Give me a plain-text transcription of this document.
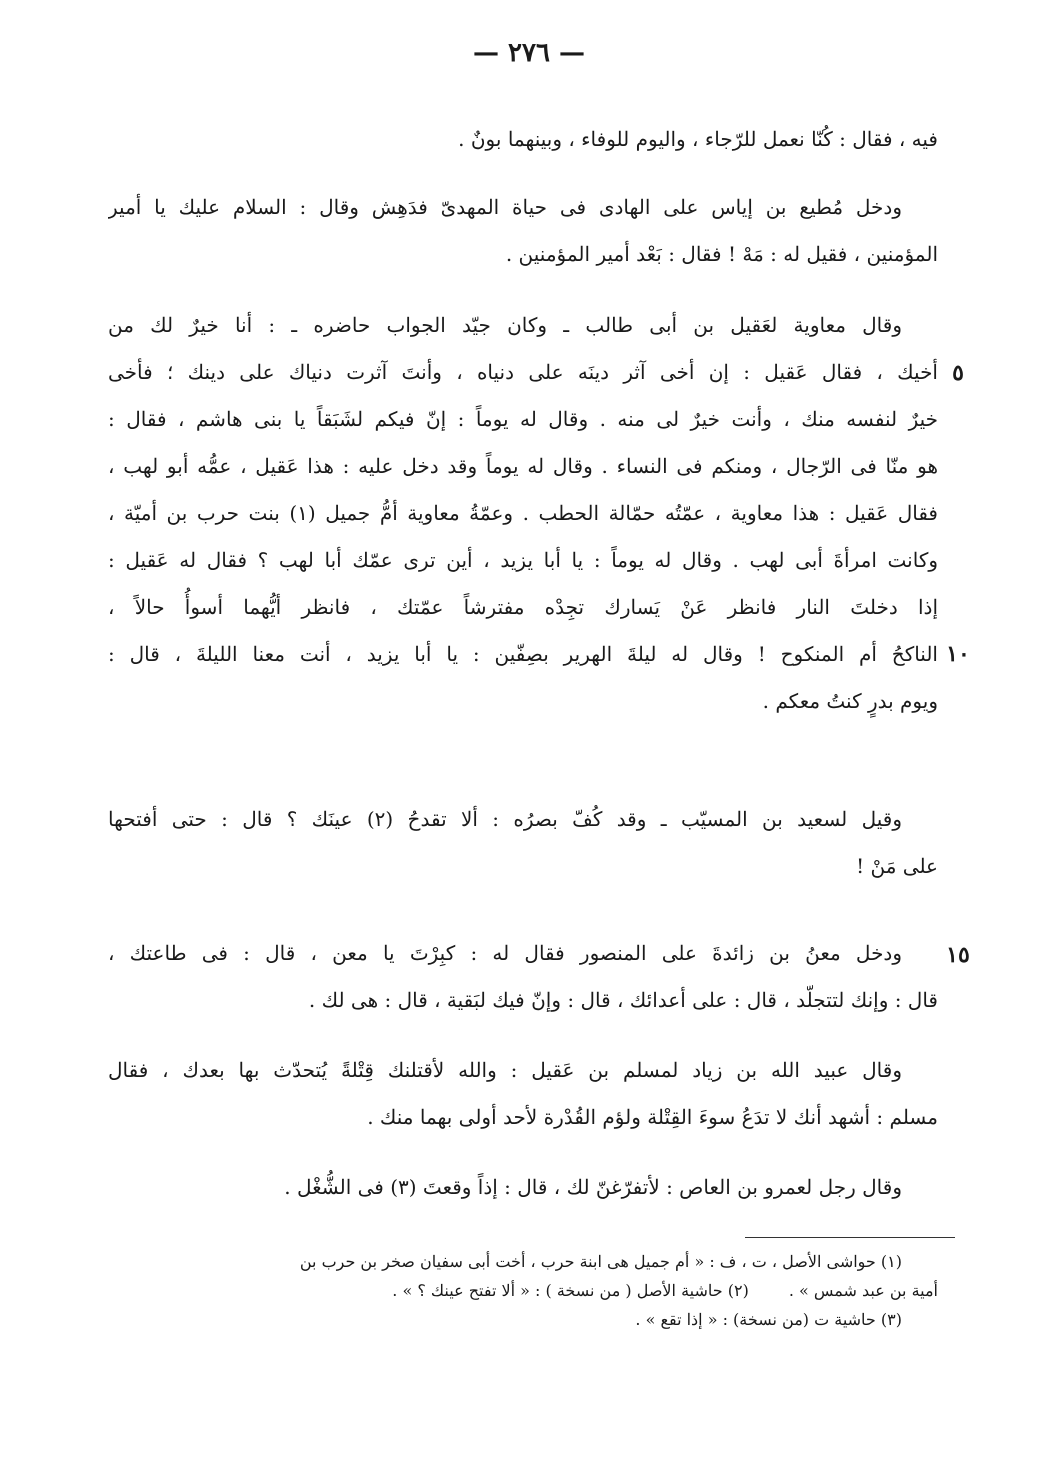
— ٢٧٦ —
فيه ، فقال : كُنّا نعمل للرّجاء ، واليوم للوفاء ، وبينهما بونٌ .
ودخل مُطيع بن إياس على الهادى فى حياة المهدىّ فدَهِش وقال : السلام عليك يا أمير
المؤمنين ، فقيل له : مَهْ ! فقال : بَعْد أمير المؤمنين .
وقال معاوية لعَقيل بن أبى طالب ـ وكان جيّد الجواب حاضره ـ : أنا خيرٌ لك من
أخيك ، فقال عَقيل : إن أخى آثر دينَه على دنياه ، وأنتَ آثرت دنياك على دينك ؛ فأخى
خيرٌ لنفسه منك ، وأنت خيرٌ لى منه . وقال له يوماً : إنّ فيكم لشَبَقاً يا بنى هاشم ، فقال :
هو منّا فى الرّجال ، ومنكم فى النساء . وقال له يوماً وقد دخل عليه : هذا عَقيل ، عمُّه أبو لهب ،
فقال عَقيل : هذا معاوية ، عمّتُه حمّالة الحطب . وعمّةُ معاوية أمُّ جميل (١) بنت حرب بن أميّة ،
وكانت امرأةَ أبى لهب . وقال له يوماً : يا أبا يزيد ، أين ترى عمّك أبا لهب ؟ فقال له عَقيل :
إذا دخلتَ النار فانظر عَنْ يَسارك تجِدْه مفترشاً عمّتك ، فانظر أيُّهما أسوأُ حالاً ،
الناكحُ أم المنكوح ! وقال له ليلةَ الهرير بصِفّين : يا أبا يزيد ، أنت معنا الليلةَ ، قال :
ويوم بدرٍ كنتُ معكم .
وقيل لسعيد بن المسيّب ـ وقد كُفّ بصرُه : ألا تقدحُ (٢) عينَك ؟ قال : حتى أفتحها
على مَنْ !
ودخل معنُ بن زائدةَ على المنصور فقال له : كبِرْتَ يا معن ، قال : فى طاعتك ،
قال : وإنك لتتجلّد ، قال : على أعدائك ، قال : وإنّ فيك لبَقية ، قال : هى لك .
وقال عبيد الله بن زياد لمسلم بن عَقيل : والله لأقتلنك قِتْلةً يُتحدّث بها بعدك ، فقال
مسلم : أشهد أنك لا تدَعُ سوءَ القِتْلة ولؤم القُدْرة لأحد أولى بهما منك .
وقال رجل لعمرو بن العاص : لأتفرّغنّ لك ، قال : إذاً وقعتَ (٣) فى الشُّغْل .
٥
١٠
١٥
(١) حواشى الأصل ، ت ، ف : « أم جميل هى ابنة حرب ، أخت أبى سفيان صخر بن حرب بن
أمية بن عبد شمس » .(٢) حاشية الأصل ( من نسخة ) : « ألا تفتح عينك ؟ » .
(٣) حاشية ت (من نسخة) : « إذا تقع » .
